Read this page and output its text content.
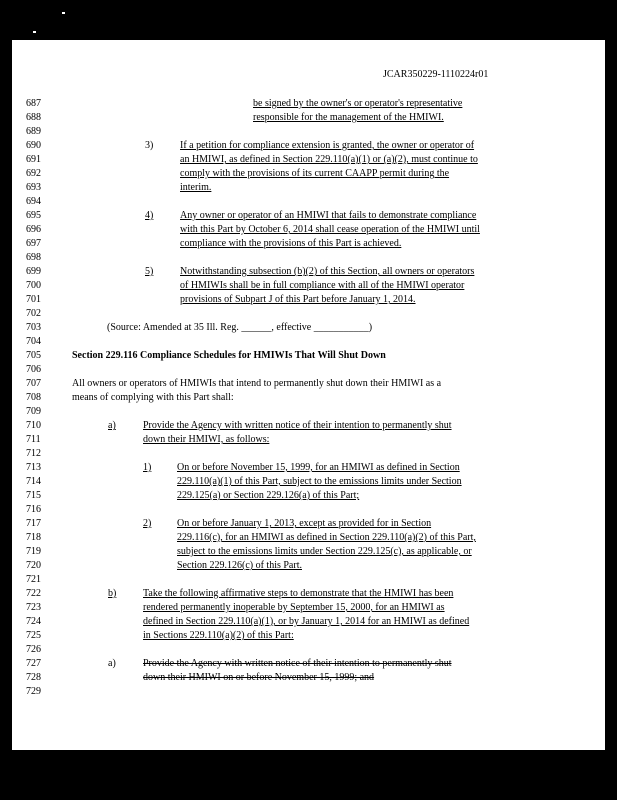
JCAR350229-1110224r01
687
688
689
690
691
692
693
694
695
696
697
698
699
700
701
702
703
704
705
706
707
708
709
710
711
712
713
714
715
716
717
718
719
720
721
722
723
724
725
726
727
728
729
be signed by the owner's or operator's representative
responsible for the management of the HMIWI.
3)	If a petition for compliance extension is granted, the owner or operator of
an HMIWI, as defined in Section 229.110(a)(1) or (a)(2), must continue to
comply with the provisions of its current CAAPP permit during the
interim.
4)	Any owner or operator of an HMIWI that fails to demonstrate compliance
with this Part by October 6, 2014 shall cease operation of the HMIWI until
compliance with the provisions of this Part is achieved.
5)	Notwithstanding subsection (b)(2) of this Section, all owners or operators
of HMIWIs shall be in full compliance with all of the HMIWI operator
provisions of Subpart J of this Part before January 1, 2014.
(Source: Amended at 35 Ill. Reg. ______, effective ___________)
Section 229.116 Compliance Schedules for HMIWIs That Will Shut Down
All owners or operators of HMIWIs that intend to permanently shut down their HMIWI as a
means of complying with this Part shall:
a)	Provide the Agency with written notice of their intention to permanently shut
down their HMIWI, as follows:
1)	On or before November 15, 1999, for an HMIWI as defined in Section
229.110(a)(1) of this Part, subject to the emissions limits under Section
229.125(a) or Section 229.126(a) of this Part;
2)	On or before January 1, 2013, except as provided for in Section
229.116(c), for an HMIWI as defined in Section 229.110(a)(2) of this Part,
subject to the emissions limits under Section 229.125(c), as applicable, or
Section 229.126(c) of this Part.
b)	Take the following affirmative steps to demonstrate that the HMIWI has been
rendered permanently inoperable by September 15, 2000, for an HMIWI as
defined in Section 229.110(a)(1), or by January 1, 2014 for an HMIWI as defined
in Sections 229.110(a)(2) of this Part:
a)	Provide the Agency with written notice of their intention to permanently shut
down their HMIWI on or before November 15, 1999; and
